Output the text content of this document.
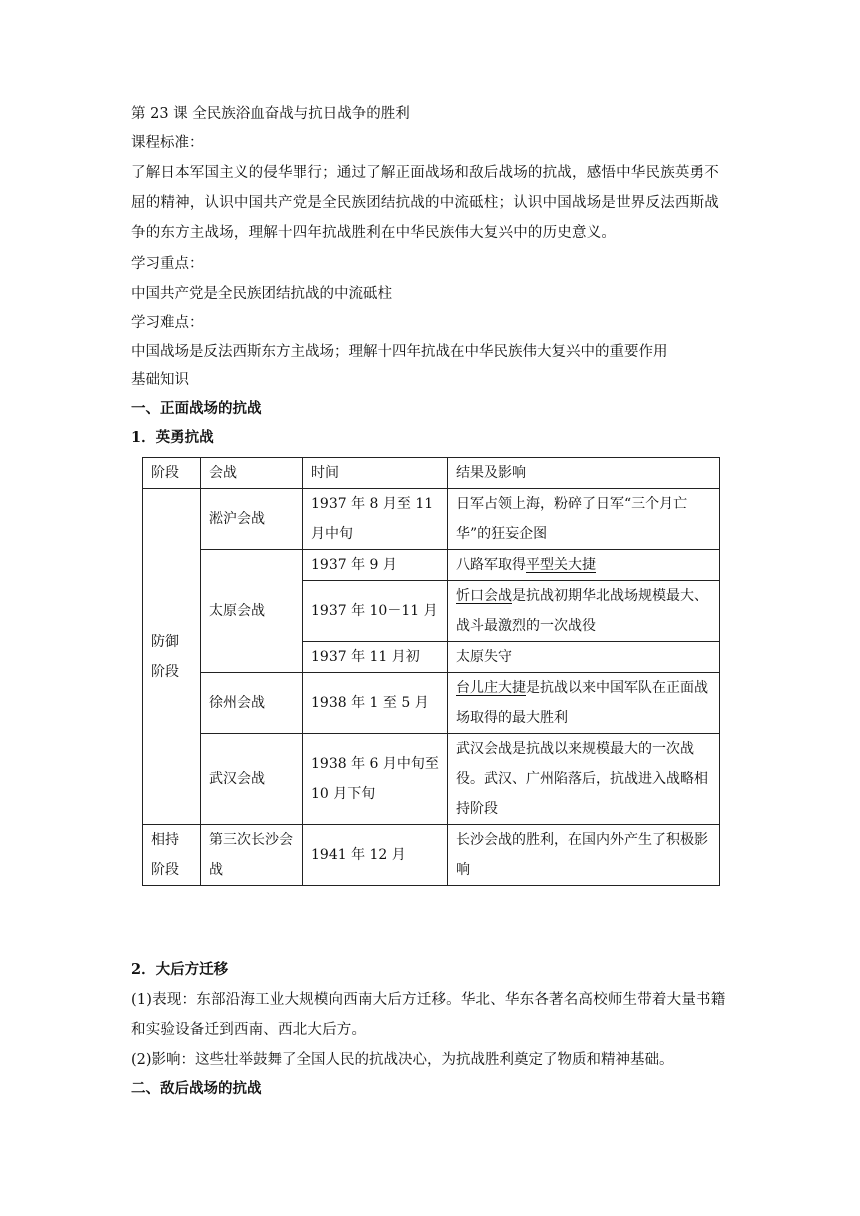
第 23 课 全民族浴血奋战与抗日战争的胜利
课程标准：
了解日本军国主义的侵华罪行；通过了解正面战场和敌后战场的抗战，感悟中华民族英勇不屈的精神，认识中国共产党是全民族团结抗战的中流砥柱；认识中国战场是世界反法西斯战争的东方主战场，理解十四年抗战胜利在中华民族伟大复兴中的历史意义。
学习重点：
中国共产党是全民族团结抗战的中流砥柱
学习难点：
中国战场是反法西斯东方主战场；理解十四年抗战在中华民族伟大复兴中的重要作用
基础知识
一、正面战场的抗战
1．英勇抗战
阶段	会战	时间	结果及影响
防御阶段	淞沪会战	1937 年 8 月至 11 月中旬	日军占领上海，粉碎了日军“三个月亡华”的狂妄企图
	太原会战	1937 年 9 月	八路军取得平型关大捷
		1937 年 10－11 月	忻口会战是抗战初期华北战场规模最大、战斗最激烈的一次战役
		1937 年 11 月初	太原失守
	徐州会战	1938 年 1 至 5 月	台儿庄大捷是抗战以来中国军队在正面战场取得的最大胜利
	武汉会战	1938 年 6 月中旬至 10 月下旬	武汉会战是抗战以来规模最大的一次战役。武汉、广州陷落后，抗战进入战略相持阶段

相持阶段	第三次长沙会战	1941 年 12 月	长沙会战的胜利，在国内外产生了积极影响
2．大后方迁移
(1)表现：东部沿海工业大规模向西南大后方迁移。华北、华东各著名高校师生带着大量书籍和实验设备迁到西南、西北大后方。
(2)影响：这些壮举鼓舞了全国人民的抗战决心，为抗战胜利奠定了物质和精神基础。
二、敌后战场的抗战
